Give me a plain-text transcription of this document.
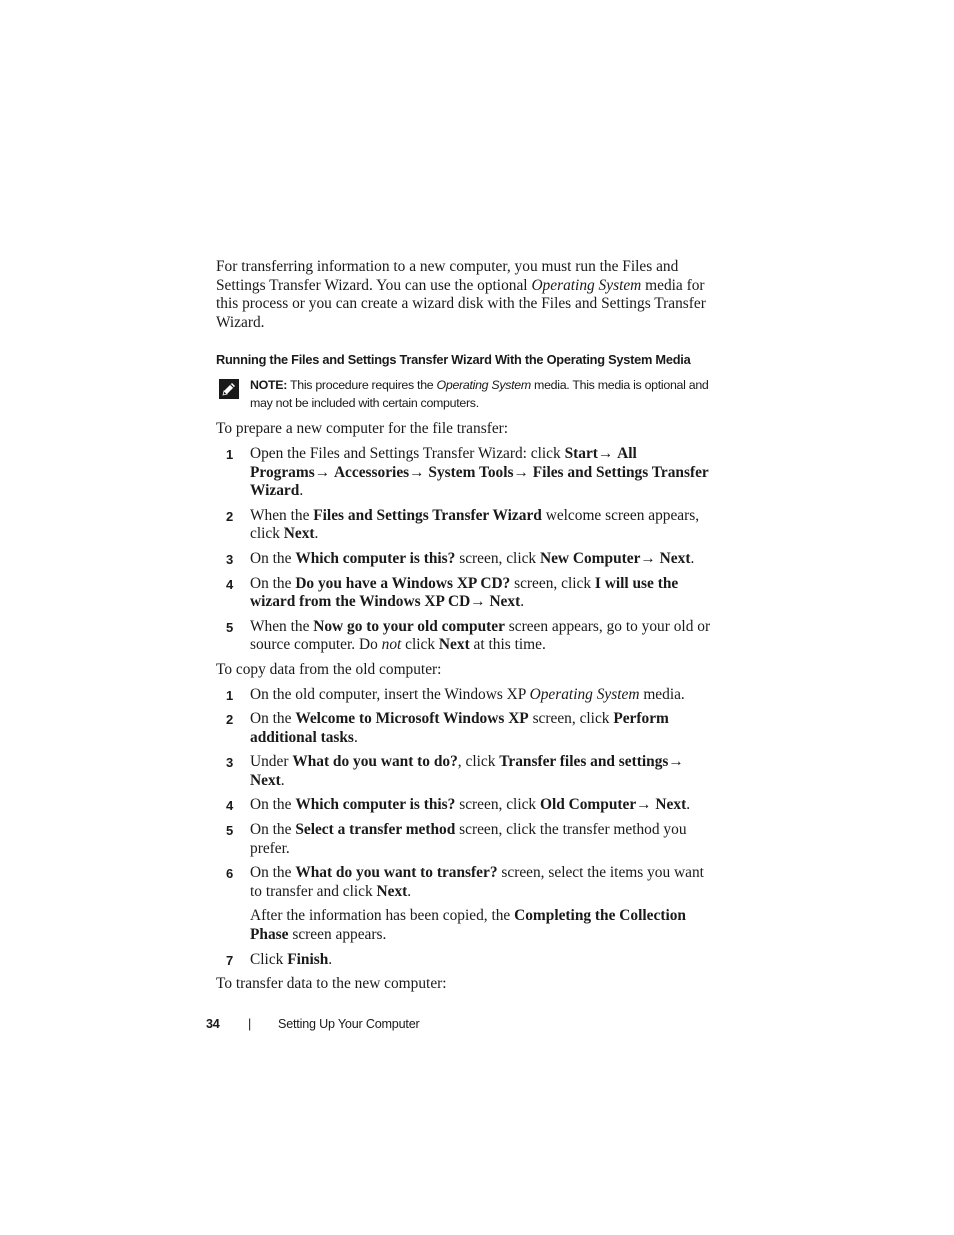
For transferring information to a new computer, you must run the Files and Settings Transfer Wizard. You can use the optional Operating System media for this process or you can create a wizard disk with the Files and Settings Transfer Wizard.

Running the Files and Settings Transfer Wizard With the Operating System Media
NOTE: This procedure requires the Operating System media. This media is optional and may not be included with certain computers.

To prepare a new computer for the file transfer:

1 Open the Files and Settings Transfer Wizard: click Start→ All Programs→ Accessories→ System Tools→ Files and Settings Transfer Wizard.
2 When the Files and Settings Transfer Wizard welcome screen appears, click Next.
3 On the Which computer is this? screen, click New Computer→ Next.
4 On the Do you have a Windows XP CD? screen, click I will use the wizard from the Windows XP CD→ Next.
5 When the Now go to your old computer screen appears, go to your old or source computer. Do not click Next at this time.

To copy data from the old computer:

1 On the old computer, insert the Windows XP Operating System media.
2 On the Welcome to Microsoft Windows XP screen, click Perform additional tasks.
3 Under What do you want to do?, click Transfer files and settings→ Next.
4 On the Which computer is this? screen, click Old Computer→ Next.
5 On the Select a transfer method screen, click the transfer method you prefer.
6 On the What do you want to transfer? screen, select the items you want to transfer and click Next.

After the information has been copied, the Completing the Collection Phase screen appears.

7 Click Finish.

To transfer data to the new computer:

34 | Setting Up Your Computer
